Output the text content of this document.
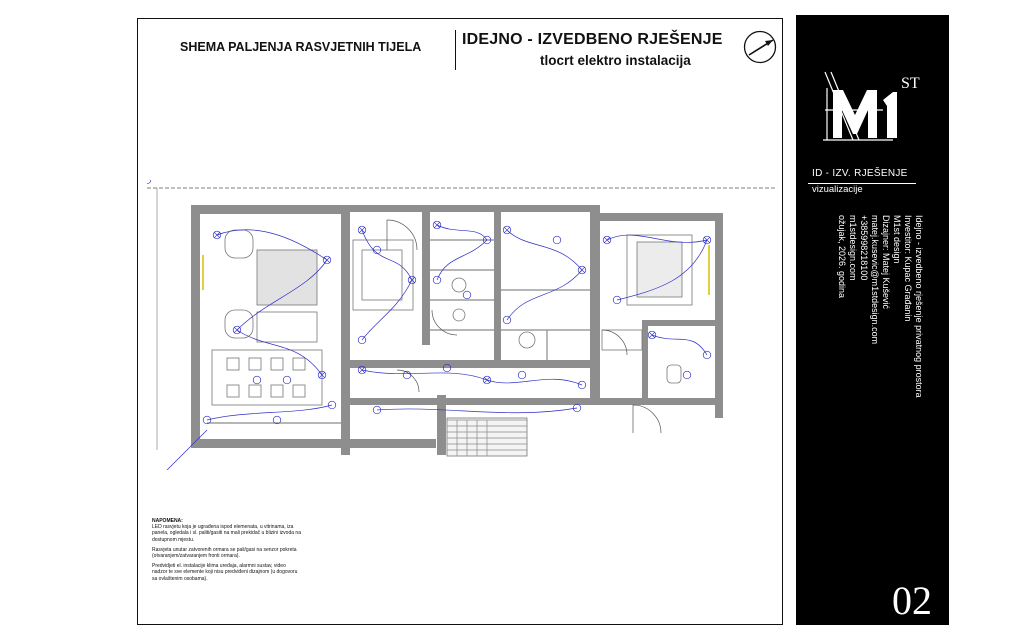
SHEMA PALJENJA RASVJETNIH TIJELA	IDEJNO - IZVEDBENO RJEŠENJE
tlocrt elektro instalacija

NAPOMENA:

LED rasvjetu koja je ugrađena ispod elemenata, u vitrinama, iza panela, ogledala i sl. paliti/gasiti na mali prekidač u blizini izvoda na dostupnom mjestu.

Rasvjeta unutar zatvorenih ormara se pali/gasi na senzor pokreta (otvaranjem/zatvaranjem fronti ormara).

Predvidjeti el. instalacije klima uređaja, alarmni sustav, video nadzor te sve elemente koji nisu predviđeni dizajnom (u dogovoru sa ovlaštenim osobama).

ST
ID - IZV. RJEŠENJE
vizualizacije
Idejno - izvedbeno rješenje privatnog prostora
Investitor: Kupac Građanin
M1st design
Dizajner: Matej Kušević
matej.kusevic@m1stdesign.com
+385998218100
m1stdesign.com
ožujak, 2026. godina
02
